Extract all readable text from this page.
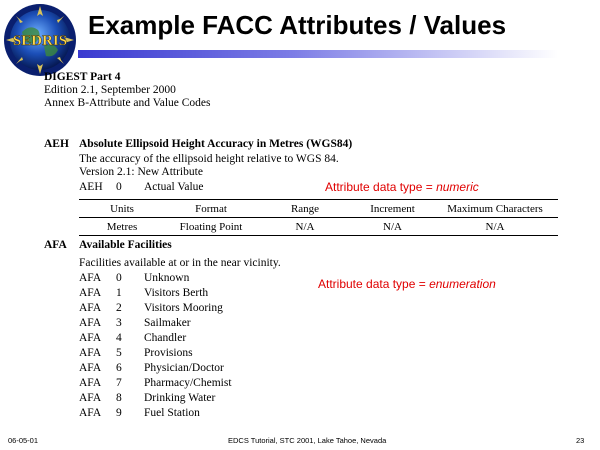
SEDRIS
Example FACC Attributes / Values
DIGEST Part 4
Edition 2.1, September 2000
Annex B-Attribute and Value Codes
AEH Absolute Ellipsoid Height Accuracy in Metres (WGS84)
The accuracy of the ellipsoid height relative to WGS 84.
Version 2.1: New Attribute
AEH 0 Actual Value	Attribute data type = numeric
Units	Format	Range	Increment	Maximum Characters
Metres	Floating Point	N/A	N/A	N/A
AFA Available Facilities
Facilities available at or in the near vicinity.
Attribute data type = enumeration
AFA 0 Unknown
AFA 1 Visitors Berth
AFA 2 Visitors Mooring
AFA 3 Sailmaker
AFA 4 Chandler
AFA 5 Provisions
AFA 6 Physician/Doctor
AFA 7 Pharmacy/Chemist
AFA 8 Drinking Water
AFA 9 Fuel Station
06-05-01	EDCS Tutorial, STC 2001, Lake Tahoe, Nevada	23
